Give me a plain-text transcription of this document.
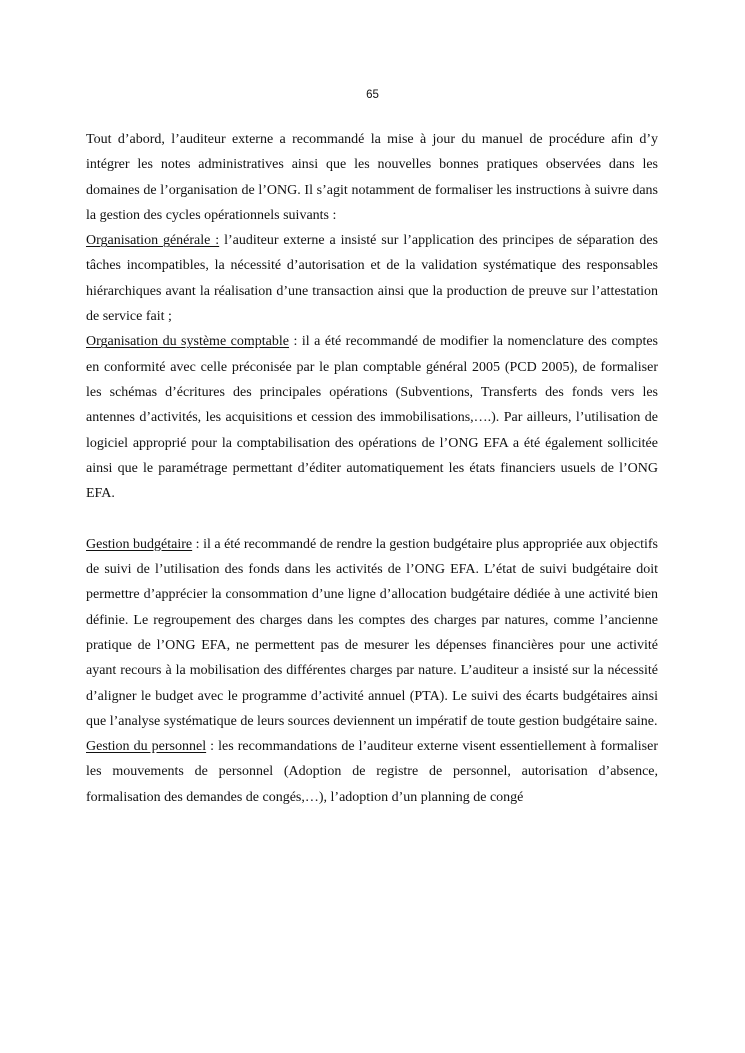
65

Tout d’abord, l’auditeur externe a recommandé la mise à jour du manuel de procédure afin d’y intégrer les notes administratives ainsi que les nouvelles bonnes pratiques observées dans les domaines de l’organisation de l’ONG. Il s’agit notamment de formaliser les instructions à suivre dans la gestion des cycles opérationnels suivants :

Organisation générale : l’auditeur externe a insisté sur l’application des principes de séparation des tâches incompatibles, la nécessité d’autorisation et de la validation systématique des responsables hiérarchiques avant la réalisation d’une transaction ainsi que la production de preuve sur l’attestation de service fait ;

Organisation du système comptable : il a été recommandé de modifier la nomenclature des comptes en conformité avec celle préconisée par le plan comptable général 2005 (PCD 2005), de formaliser les schémas d’écritures des principales opérations (Subventions, Transferts des fonds vers les antennes d’activités, les acquisitions et cession des immobilisations,….). Par ailleurs, l’utilisation de logiciel approprié pour la comptabilisation des opérations de l’ONG EFA a été également sollicitée ainsi que le paramétrage permettant d’éditer automatiquement les états financiers usuels de l’ONG EFA.

Gestion budgétaire : il a été recommandé de rendre la gestion budgétaire plus appropriée aux objectifs de suivi de l’utilisation des fonds dans les activités de l’ONG EFA. L’état de suivi budgétaire doit permettre d’apprécier la consommation d’une ligne d’allocation budgétaire dédiée à une activité bien définie. Le regroupement des charges dans les comptes des charges par natures, comme l’ancienne pratique de l’ONG EFA, ne permettent pas de mesurer les dépenses financières pour une activité ayant recours à la mobilisation des différentes charges par nature. L’auditeur a insisté sur la nécessité d’aligner le budget avec le programme d’activité annuel (PTA). Le suivi des écarts budgétaires ainsi que l’analyse systématique de leurs sources deviennent un impératif de toute gestion budgétaire saine.

Gestion du personnel : les recommandations de l’auditeur externe visent essentiellement à formaliser les mouvements de personnel (Adoption de registre de personnel, autorisation d’absence, formalisation des demandes de congés,…), l’adoption d’un planning de congé
